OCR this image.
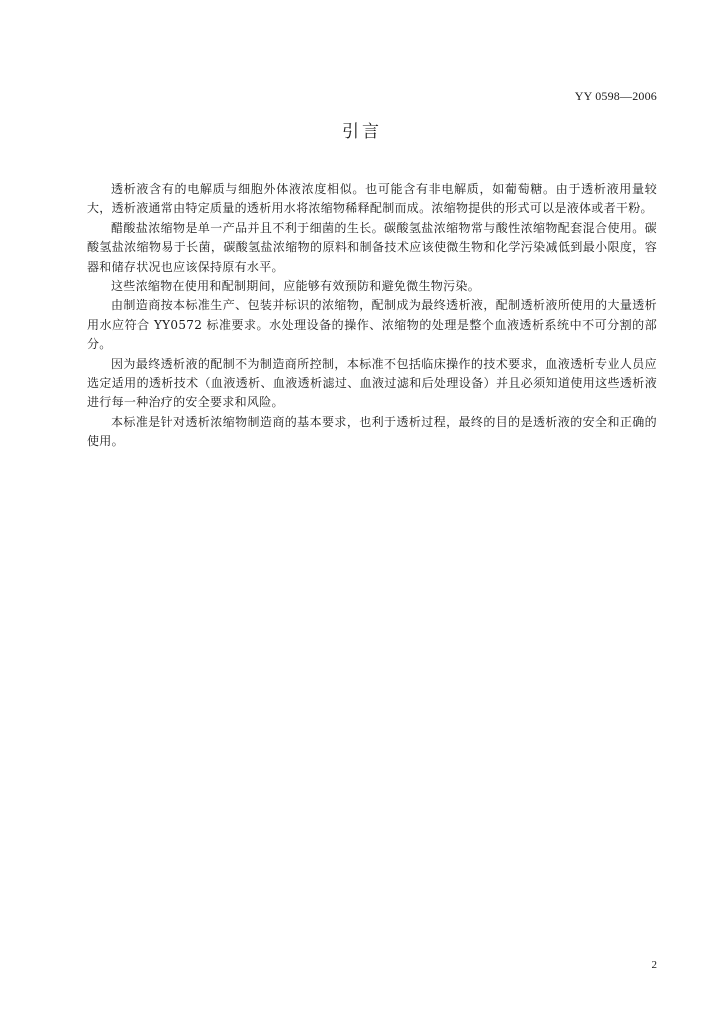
YY 0598—2006
引言

透析液含有的电解质与细胞外体液浓度相似。也可能含有非电解质，如葡萄糖。由于透析液用量较大，透析液通常由特定质量的透析用水将浓缩物稀释配制而成。浓缩物提供的形式可以是液体或者干粉。

醋酸盐浓缩物是单一产品并且不利于细菌的生长。碳酸氢盐浓缩物常与酸性浓缩物配套混合使用。碳酸氢盐浓缩物易于长菌，碳酸氢盐浓缩物的原料和制备技术应该使微生物和化学污染减低到最小限度，容器和储存状况也应该保持原有水平。

这些浓缩物在使用和配制期间，应能够有效预防和避免微生物污染。

由制造商按本标准生产、包装并标识的浓缩物，配制成为最终透析液，配制透析液所使用的大量透析用水应符合 YY0572 标准要求。水处理设备的操作、浓缩物的处理是整个血液透析系统中不可分割的部分。

因为最终透析液的配制不为制造商所控制，本标准不包括临床操作的技术要求，血液透析专业人员应选定适用的透析技术（血液透析、血液透析滤过、血液过滤和后处理设备）并且必须知道使用这些透析液进行每一种治疗的安全要求和风险。

本标准是针对透析浓缩物制造商的基本要求，也利于透析过程，最终的目的是透析液的安全和正确的使用。

2
